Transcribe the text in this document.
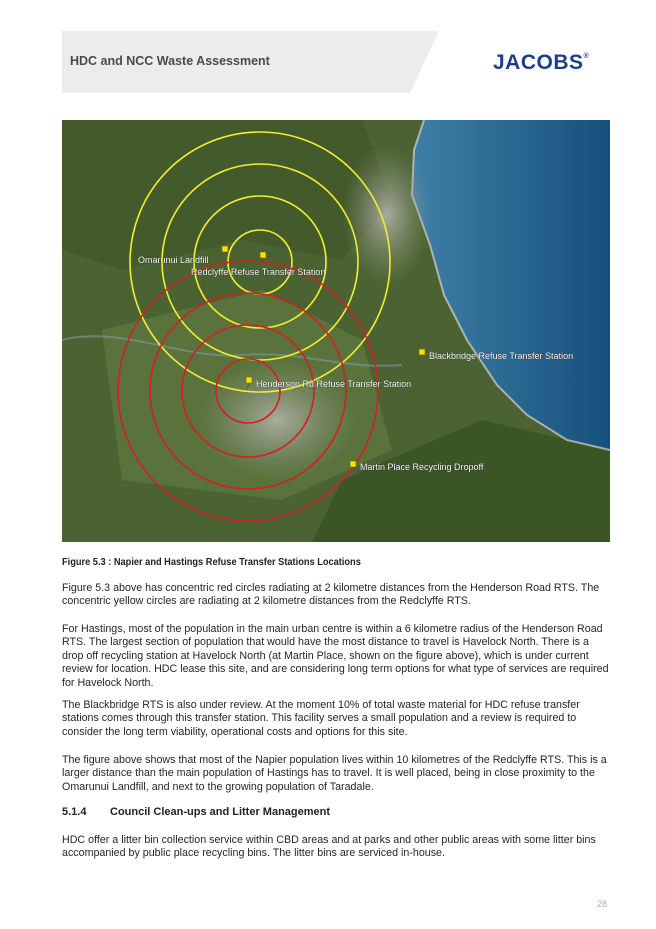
HDC and NCC Waste Assessment	JACOBS®
Omarunui Landfill
Redclyffe Refuse Transfer Station
Blackbridge Refuse Transfer Station
Henderson Rd Refuse Transfer Station
Martin Place Recycling Dropoff
Figure 5.3 : Napier and Hastings Refuse Transfer Stations Locations

Figure 5.3 above has concentric red circles radiating at 2 kilometre distances from the Henderson Road RTS. The concentric yellow circles are radiating at 2 kilometre distances from the Redclyffe RTS.

For Hastings, most of the population in the main urban centre is within a 6 kilometre radius of the Henderson Road RTS. The largest section of population that would have the most distance to travel is Havelock North. There is a drop off recycling station at Havelock North (at Martin Place, shown on the figure above), which is under current review for location. HDC lease this site, and are considering long term options for what type of services are required for Havelock North.

The Blackbridge RTS is also under review. At the moment 10% of total waste material for HDC refuse transfer stations comes through this transfer station. This facility serves a small population and a review is required to consider the long term viability, operational costs and options for this site.

The figure above shows that most of the Napier population lives within 10 kilometres of the Redclyffe RTS. This is a larger distance than the main population of Hastings has to travel. It is well placed, being in close proximity to the Omarunui Landfill, and next to the growing population of Taradale.

5.1.4 Council Clean-ups and Litter Management

HDC offer a litter bin collection service within CBD areas and at parks and other public areas with some litter bins accompanied by public place recycling bins. The litter bins are serviced in-house.

28
